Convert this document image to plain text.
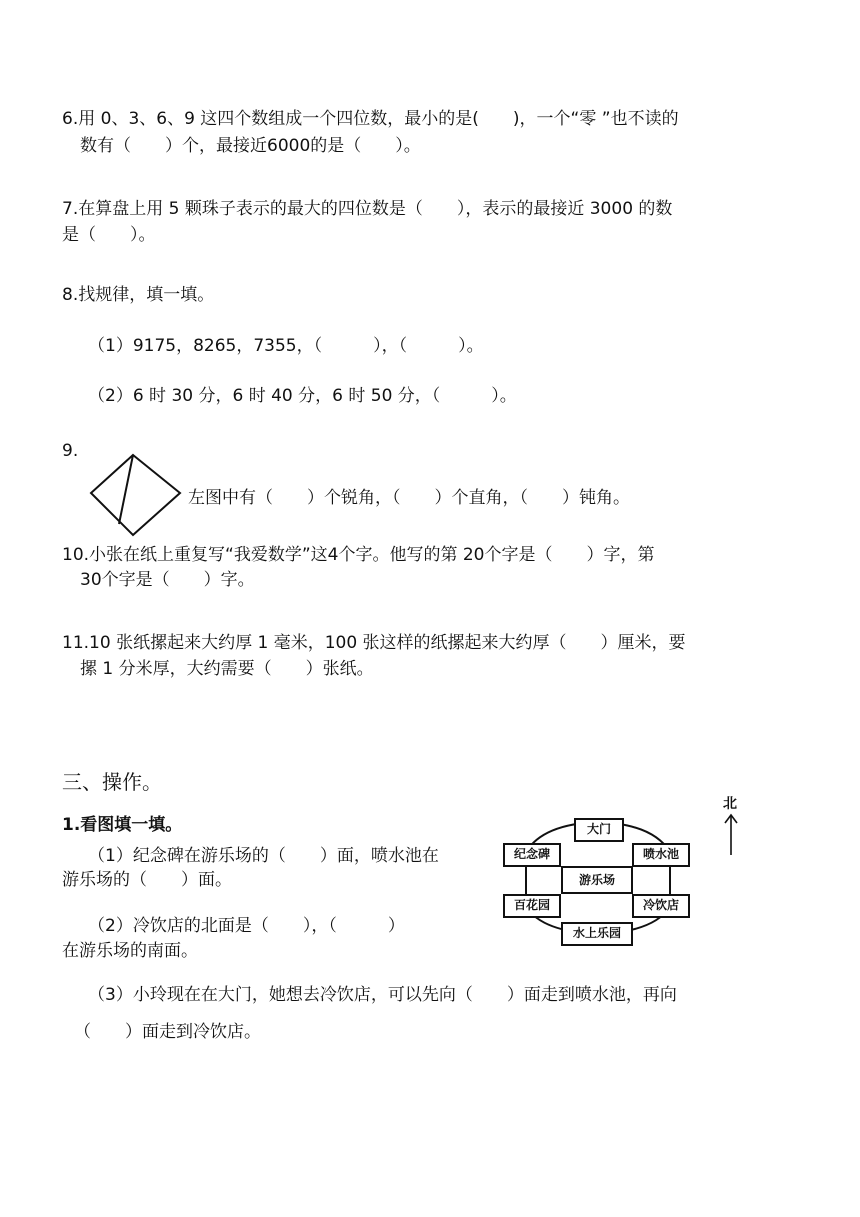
6.用 0、3、6、9 这四个数组成一个四位数，最小的是(　　)，一个“零 ”也不读的
数有（　　）个，最接近6000的是（　　）。
7.在算盘上用 5 颗珠子表示的最大的四位数是（　　），表示的最接近 3000 的数
是（　　）。
8.找规律，填一填。
（1）9175，8265，7355，（　　　），（　　　）。
（2）6 时 30 分，6 时 40 分，6 时 50 分，（　　　）。
9.
左图中有（　　）个锐角，（　　）个直角，（　　）钝角。
10.小张在纸上重复写“我爱数学”这4个字。他写的第 20个字是（　　）字，第
30个字是（　　）字。
11.10 张纸摞起来大约厚 1 毫米，100 张这样的纸摞起来大约厚（　　）厘米，要
摞 1 分米厚，大约需要（　　）张纸。
三、操作。
1.看图填一填。
（1）纪念碑在游乐场的（　　）面，喷水池在
游乐场的（　　）面。
（2）冷饮店的北面是（　　），（　　　）
在游乐场的南面。
（3）小玲现在在大门，她想去冷饮店，可以先向（　　）面走到喷水池，再向
（　　）面走到冷饮店。
大门
纪念碑	喷水池
游乐场
百花园	冷饮店
水上乐园
北
